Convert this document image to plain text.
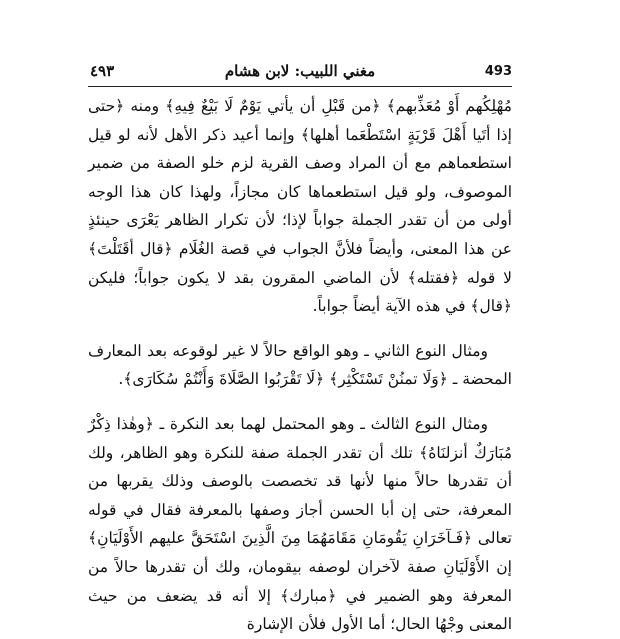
493
مغني اللبيب: لابن هشام
٤٩٣

مُهْلِكُهم أَوْ مُعَذِّبهم﴾ ﴿من قَبْلِ أن يأتي يَوْمٌ لَا بَيْعٌ فِيهِ﴾ ومنه ﴿حتى إذا أتَيا أَهْلَ قَرْيَةٍ اسْتَطْعَما أهلها﴾ وإنما أعيد ذكر الأهل لأنه لو قيل استطعماهم مع أن المراد وصف القرية لزم خلو الصفة من ضمير الموصوف، ولو قيل استطعماها كان مجازاً، ولهذا كان هذا الوجه أولى من أن تقدر الجملة جواباً لإذا؛ لأن تكرار الظاهر يَعْرَى حينئذٍ عن هذا المعنى، وأيضاً فلأنَّ الجواب في قصة الغُلَام ﴿قال أقَتَلْتَ﴾ لا قوله ﴿فقتله﴾ لأن الماضي المقرون بقد لا يكون جواباً؛ فليكن ﴿قال﴾ في هذه الآية أيضاً جواباً.

ومثال النوع الثاني ـ وهو الواقع حالاً لا غير لوقوعه بعد المعارف المحضة ـ ﴿وَلَا تمنُنْ تَسْتَكْثِر﴾ ﴿لَا تَقْرَبُوا الصَّلَاةَ وَأَنْتُمْ سُكَارَى﴾.

ومثال النوع الثالث ـ وهو المحتمل لهما بعد النكرة ـ ﴿وهٰذا ذِكْرٌ مُبَارَكٌ أنزلنَاهُ﴾ تلك أن تقدر الجملة صفة للنكرة وهو الظاهر، ولك أن تقدرها حالاً منها لأنها قد تخصصت بالوصف وذلك يقربها من المعرفة، حتى إن أبا الحسن أجاز وصفها بالمعرفة فقال في قوله تعالى ﴿فَـآخَرَانِ يَقُومَانِ مَقَامَهُمَا مِنَ الَّذِينَ اسْتَحَقَّ عليهم الأَوْلَيَانِ﴾ إن الأَوْلَيَانِ صفة لآخران لوصفه بيقومان، ولك أن تقدرها حالاً من المعرفة وهو الضمير في ﴿مبارك﴾ إلا أنه قد يضعف من حيث المعنى وجْهُا الحال؛ أما الأول فلأن الإشارة
